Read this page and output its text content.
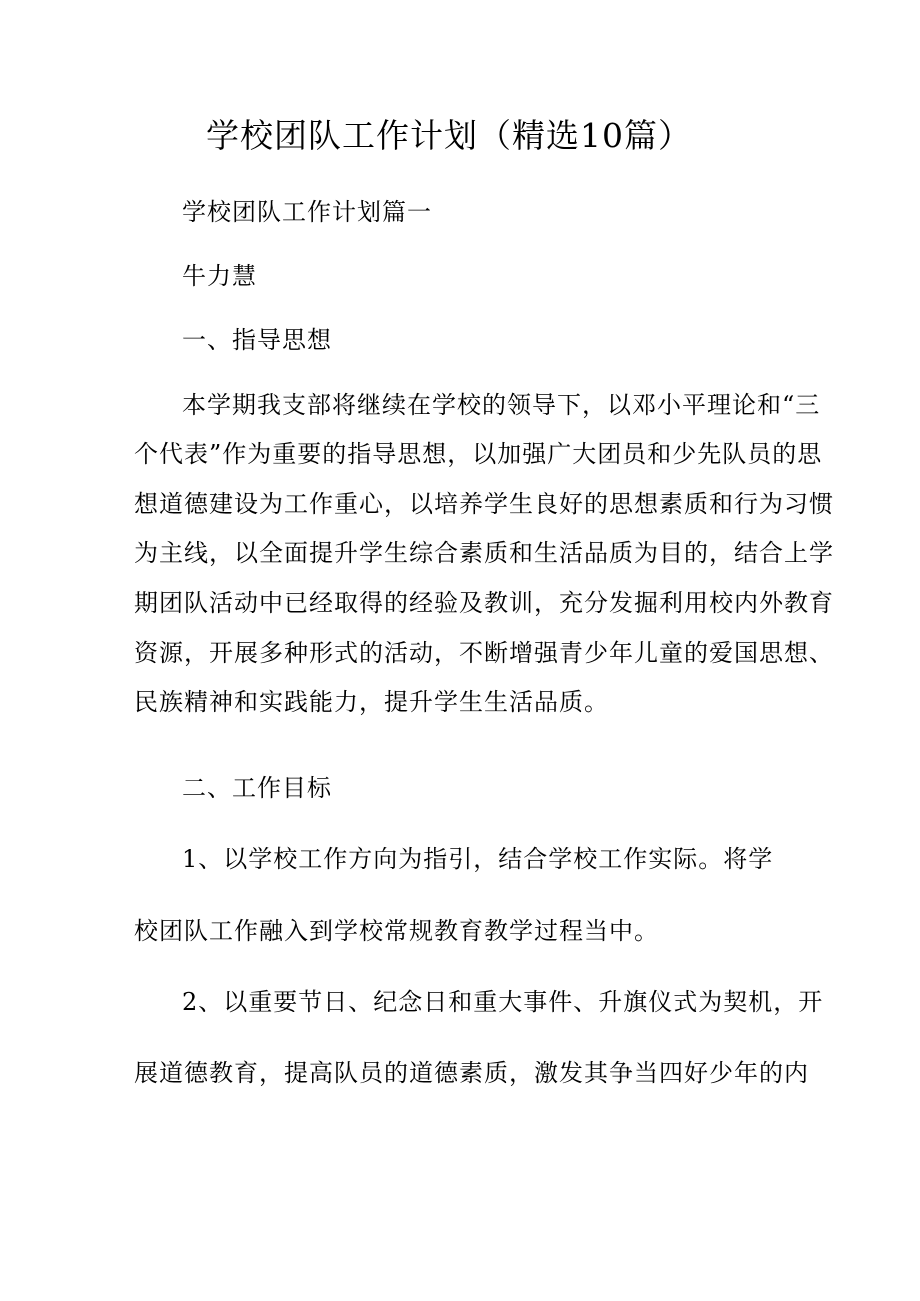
学校团队工作计划（精选10篇）
学校团队工作计划篇一
牛力慧
一、指导思想
本学期我支部将继续在学校的领导下，以邓小平理论和“三
个代表”作为重要的指导思想，以加强广大团员和少先队员的思
想道德建设为工作重心，以培养学生良好的思想素质和行为习惯
为主线，以全面提升学生综合素质和生活品质为目的，结合上学
期团队活动中已经取得的经验及教训，充分发掘利用校内外教育
资源，开展多种形式的活动，不断增强青少年儿童的爱国思想、
民族精神和实践能力，提升学生生活品质。
二、工作目标
1、以学校工作方向为指引，结合学校工作实际。将学
校团队工作融入到学校常规教育教学过程当中。
2、以重要节日、纪念日和重大事件、升旗仪式为契机，开
展道德教育，提高队员的道德素质，激发其争当四好少年的内
